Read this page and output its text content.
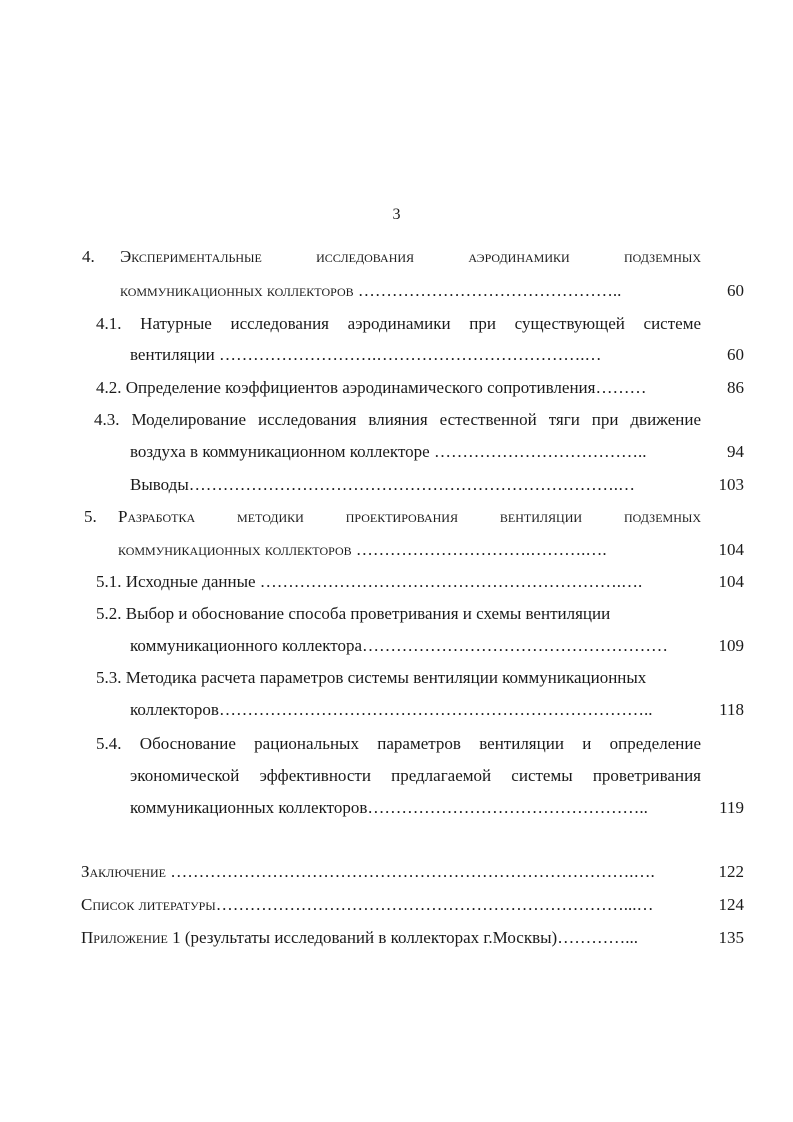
3
4. Экспериментальные исследования аэродинамики подземных
коммуникационных коллекторов ………………………………………..	60
4.1. Натурные исследования аэродинамики при существующей системе
вентиляции ……………………….……………………………….…	60
4.2. Определение коэффициентов аэродинамического сопротивления………	86
4.3. Моделирование исследования влияния естественной тяги при движение
воздуха в коммуникационном коллекторе ………………………………..	94
Выводы………………………………………………………………….…	103
5. Разработка методики проектирования вентиляции подземных
коммуникационных коллекторов ………………………….……….….	104
5.1. Исходные данные ……………………………………………………….….	104
5.2. Выбор и обоснование способа проветривания и схемы вентиляции
коммуникационного коллектора………………………………………………	109
5.3. Методика расчета параметров системы вентиляции коммуникационных
коллекторов…………………………………………………………………..	118
5.4. Обоснование рациональных параметров вентиляции и определение
экономической эффективности предлагаемой системы проветривания
коммуникационных коллекторов…………………………………………..	119
Заключение ……………………………………………………………………….….	122
Список литературы………………………………………………………………...…	124
Приложение 1 (результаты исследований в коллекторах г.Москвы)…………...	135
